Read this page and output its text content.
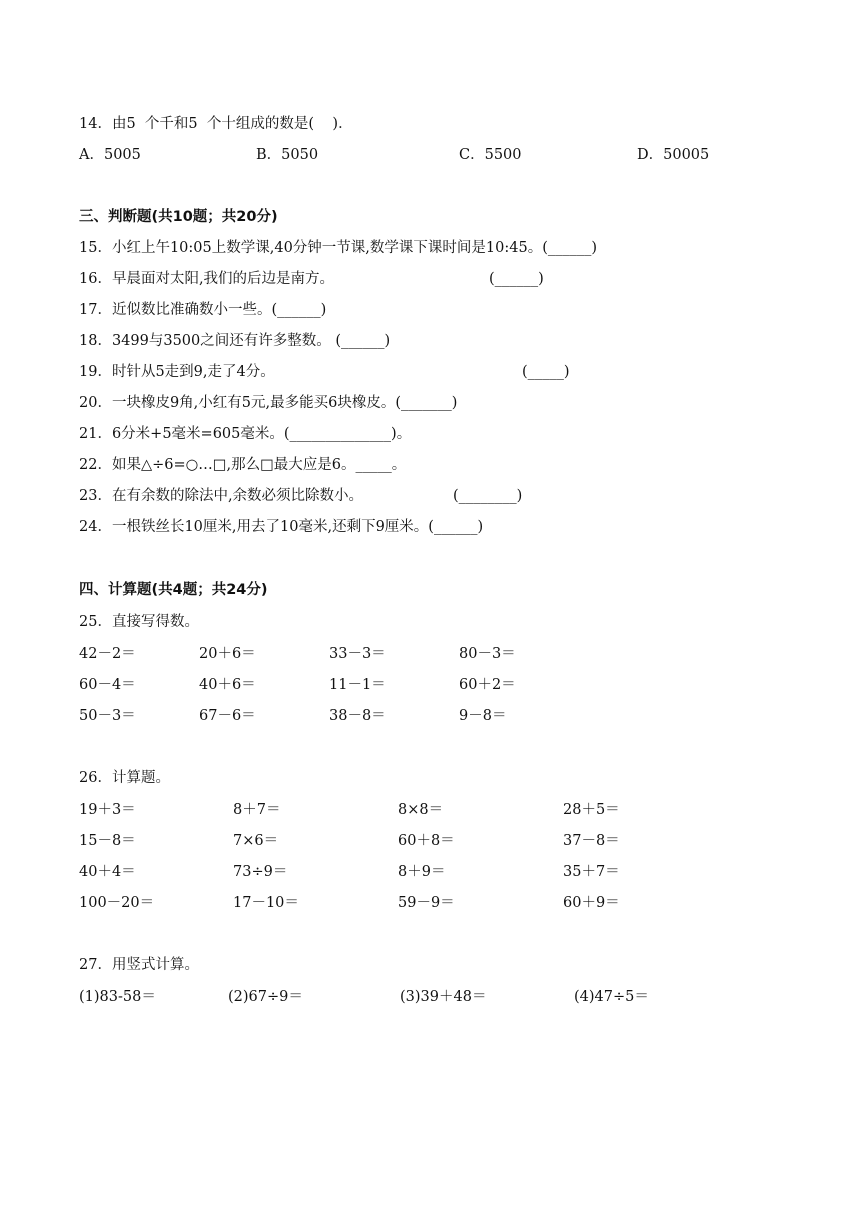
14．由5  个千和5  个十组成的数是(    )．
A．5005	B．5050	C．5500	D．50005
三、判断题(共10题；共20分)
15．小红上午10:05上数学课,40分钟一节课,数学课下课时间是10:45。(______)
16．早晨面对太阳,我们的后边是南方。	(______)
17．近似数比准确数小一些。(______)
18．3499与3500之间还有许多整数。 (______)
19．时针从5走到9,走了4分。	(_____)
20．一块橡皮9角,小红有5元,最多能买6块橡皮。(_______)
21．6分米+5毫米=605毫米。(______________)。
22．如果△÷6=○…□,那么□最大应是6。_____。
23．在有余数的除法中,余数必须比除数小。	(________)
24．一根铁丝长10厘米,用去了10毫米,还剩下9厘米。(______)
四、计算题(共4题；共24分)
25．直接写得数。
42－2＝	20＋6＝	33－3＝	80－3＝
60－4＝	40＋6＝	11－1＝	60＋2＝
50－3＝	67－6＝	38－8＝	9－8＝
26．计算题。
19＋3＝	8＋7＝	8×8＝	28＋5＝
15－8＝	7×6＝	60＋8＝	37－8＝
40＋4＝	73÷9＝	8＋9＝	35＋7＝
100－20＝	17－10＝	59－9＝	60＋9＝
27．用竖式计算。
(1)83-58＝	(2)67÷9＝	(3)39＋48＝	(4)47÷5＝
